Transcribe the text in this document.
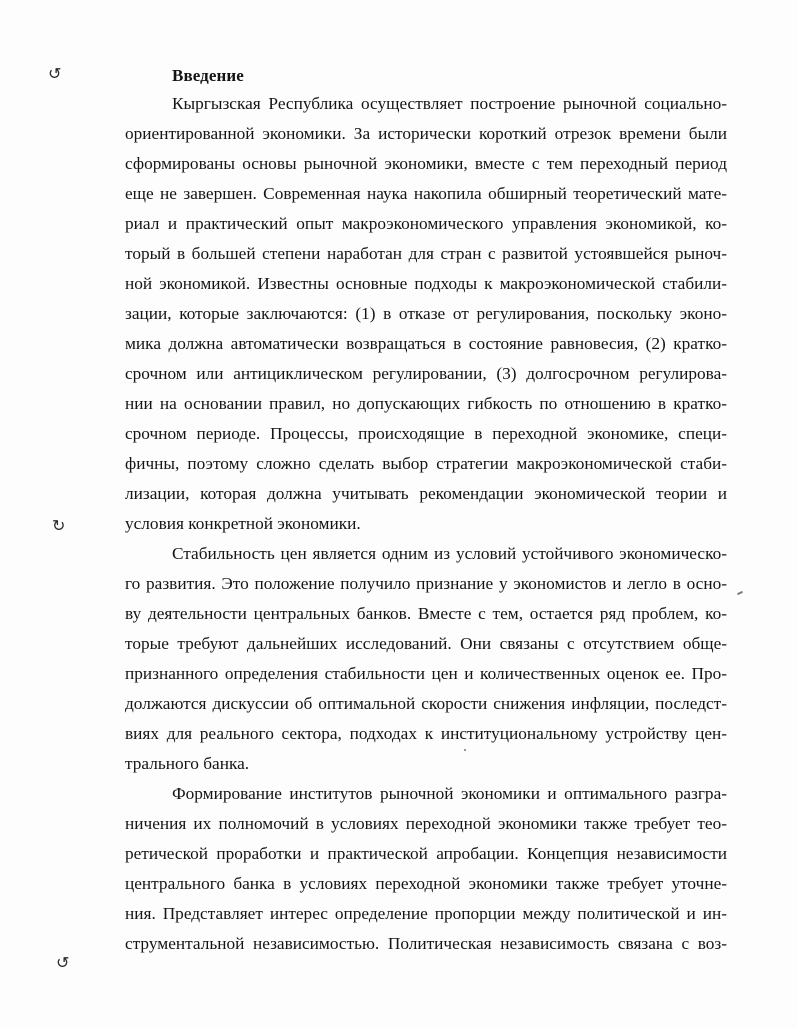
↺
↻
↺
Введение
Кыргызская Республика осуществляет построение рыночной социально-
ориентированной экономики. За исторически короткий отрезок времени были
сформированы основы рыночной экономики, вместе с тем переходный период
еще не завершен. Современная наука накопила обширный теоретический мате-
риал и практический опыт макроэкономического управления экономикой, ко-
торый в большей степени наработан для стран с развитой устоявшейся рыноч-
ной экономикой. Известны основные подходы к макроэкономической стабили-
зации, которые заключаются: (1) в отказе от регулирования, поскольку эконо-
мика должна автоматически возвращаться в состояние равновесия, (2) кратко-
срочном или антициклическом регулировании, (3) долгосрочном регулирова-
нии на основании правил, но допускающих гибкость по отношению в кратко-
срочном периоде. Процессы, происходящие в переходной экономике, специ-
фичны, поэтому сложно сделать выбор стратегии макроэкономической стаби-
лизации, которая должна учитывать рекомендации экономической теории и
условия конкретной экономики.
Стабильность цен является одним из условий устойчивого экономическо-
го развития. Это положение получило признание у экономистов и легло в осно-
ву деятельности центральных банков. Вместе с тем, остается ряд проблем, ко-
торые требуют дальнейших исследований. Они связаны с отсутствием обще-
признанного определения стабильности цен и количественных оценок ее. Про-
должаются дискуссии об оптимальной скорости снижения инфляции, последст-
виях для реального сектора, подходах к институциональному устройству цен-
трального банка.
Формирование институтов рыночной экономики и оптимального разгра-
ничения их полномочий в условиях переходной экономики также требует тео-
ретической проработки и практической апробации. Концепция независимости
центрального банка в условиях переходной экономики также требует уточне-
ния. Представляет интерес определение пропорции между политической и ин-
струментальной независимостью. Политическая независимость связана с воз-
